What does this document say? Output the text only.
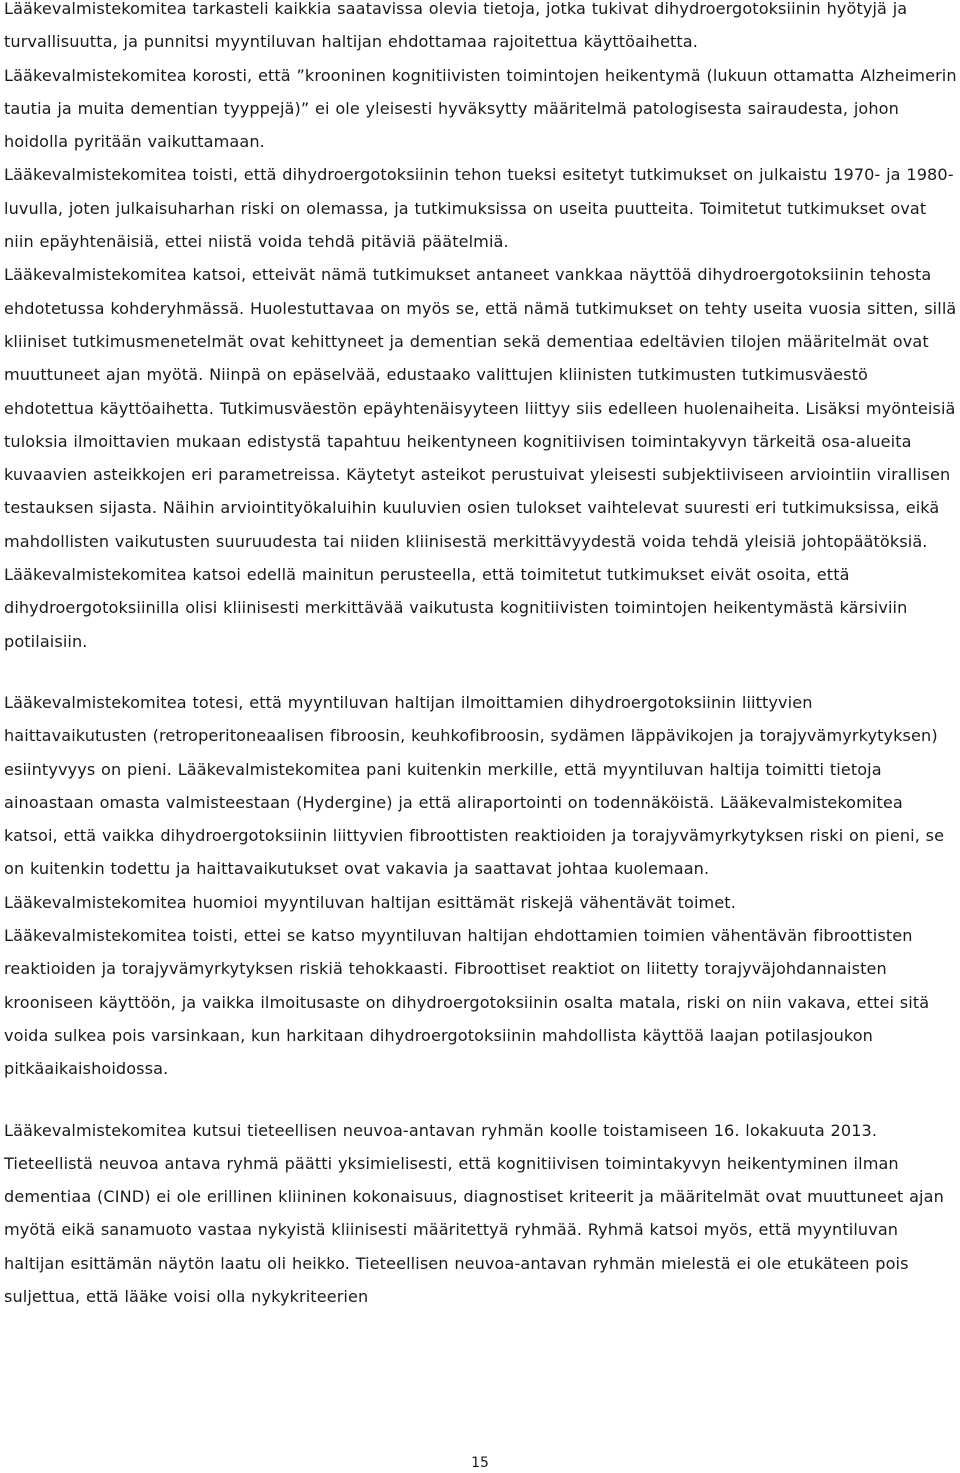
Lääkevalmistekomitea tarkasteli kaikkia saatavissa olevia tietoja, jotka tukivat dihydroergotoksiinin hyötyjä ja turvallisuutta, ja punnitsi myyntiluvan haltijan ehdottamaa rajoitettua käyttöaihetta.

Lääkevalmistekomitea korosti, että ”krooninen kognitiivisten toimintojen heikentymä (lukuun ottamatta Alzheimerin tautia ja muita dementian tyyppejä)” ei ole yleisesti hyväksytty määritelmä patologisesta sairaudesta, johon hoidolla pyritään vaikuttamaan.

Lääkevalmistekomitea toisti, että dihydroergotoksiinin tehon tueksi esitetyt tutkimukset on julkaistu 1970- ja 1980-luvulla, joten julkaisuharhan riski on olemassa, ja tutkimuksissa on useita puutteita. Toimitetut tutkimukset ovat niin epäyhtenäisiä, ettei niistä voida tehdä pitäviä päätelmiä.

Lääkevalmistekomitea katsoi, etteivät nämä tutkimukset antaneet vankkaa näyttöä dihydroergotoksiinin tehosta ehdotetussa kohderyhmässä. Huolestuttavaa on myös se, että nämä tutkimukset on tehty useita vuosia sitten, sillä kliiniset tutkimusmenetelmät ovat kehittyneet ja dementian sekä dementiaa edeltävien tilojen määritelmät ovat muuttuneet ajan myötä. Niinpä on epäselvää, edustaako valittujen kliinisten tutkimusten tutkimusväestö ehdotettua käyttöaihetta. Tutkimusväestön epäyhtenäisyyteen liittyy siis edelleen huolenaiheita. Lisäksi myönteisiä tuloksia ilmoittavien mukaan edistystä tapahtuu heikentyneen kognitiivisen toimintakyvyn tärkeitä osa-alueita kuvaavien asteikkojen eri parametreissa. Käytetyt asteikot perustuivat yleisesti subjektiiviseen arviointiin virallisen testauksen sijasta. Näihin arviointityökaluihin kuuluvien osien tulokset vaihtelevat suuresti eri tutkimuksissa, eikä mahdollisten vaikutusten suuruudesta tai niiden kliinisestä merkittävyydestä voida tehdä yleisiä johtopäätöksiä.

Lääkevalmistekomitea katsoi edellä mainitun perusteella, että toimitetut tutkimukset eivät osoita, että dihydroergotoksiinilla olisi kliinisesti merkittävää vaikutusta kognitiivisten toimintojen heikentymästä kärsiviin potilaisiin.

Lääkevalmistekomitea totesi, että myyntiluvan haltijan ilmoittamien dihydroergotoksiinin liittyvien haittavaikutusten (retroperitoneaalisen fibroosin, keuhkofibroosin, sydämen läppävikojen ja torajyvämyrkytyksen) esiintyvyys on pieni. Lääkevalmistekomitea pani kuitenkin merkille, että myyntiluvan haltija toimitti tietoja ainoastaan omasta valmisteestaan (Hydergine) ja että aliraportointi on todennäköistä. Lääkevalmistekomitea katsoi, että vaikka dihydroergotoksiinin liittyvien fibroottisten reaktioiden ja torajyvämyrkytyksen riski on pieni, se on kuitenkin todettu ja haittavaikutukset ovat vakavia ja saattavat johtaa kuolemaan.

Lääkevalmistekomitea huomioi myyntiluvan haltijan esittämät riskejä vähentävät toimet.

Lääkevalmistekomitea toisti, ettei se katso myyntiluvan haltijan ehdottamien toimien vähentävän fibroottisten reaktioiden ja torajyvämyrkytyksen riskiä tehokkaasti. Fibroottiset reaktiot on liitetty torajyväjohdannaisten krooniseen käyttöön, ja vaikka ilmoitusaste on dihydroergotoksiinin osalta matala, riski on niin vakava, ettei sitä voida sulkea pois varsinkaan, kun harkitaan dihydroergotoksiinin mahdollista käyttöä laajan potilasjoukon pitkäaikaishoidossa.

Lääkevalmistekomitea kutsui tieteellisen neuvoa-antavan ryhmän koolle toistamiseen 16. lokakuuta 2013. Tieteellistä neuvoa antava ryhmä päätti yksimielisesti, että kognitiivisen toimintakyvyn heikentyminen ilman dementiaa (CIND) ei ole erillinen kliininen kokonaisuus, diagnostiset kriteerit ja määritelmät ovat muuttuneet ajan myötä eikä sanamuoto vastaa nykyistä kliinisesti määritettyä ryhmää. Ryhmä katsoi myös, että myyntiluvan haltijan esittämän näytön laatu oli heikko. Tieteellisen neuvoa-antavan ryhmän mielestä ei ole etukäteen pois suljettua, että lääke voisi olla nykykriteerien

15
